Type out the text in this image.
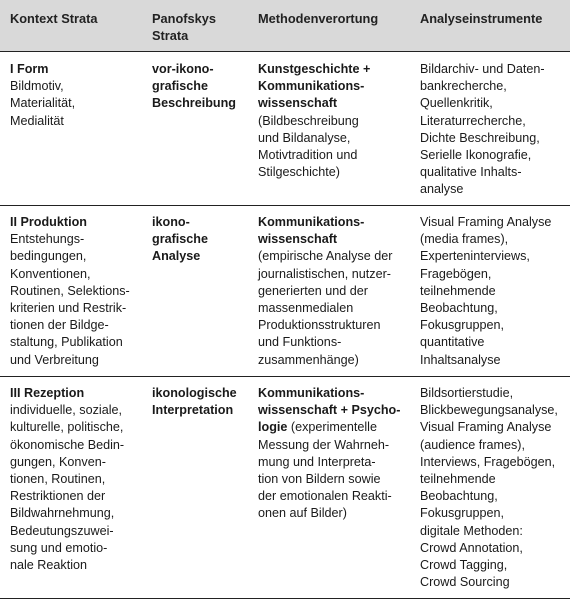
Kontext Strata	Panofskys
Strata
Methodenverortung	Analyseinstrumente
I Form
Bildmotiv,
Materialität,
Medialität
vor-ikono-
grafische
Beschreibung
Kunstgeschichte +
Kommunikations-
wissenschaft
(Bildbeschreibung
und Bildanalyse,
Motivtradition und
Stilgeschichte)
Bildarchiv- und Daten-
bankrecherche,
Quellenkritik,
Literaturrecherche,
Dichte Beschreibung,
Serielle Ikonografie,
qualitative Inhalts-
analyse
II Produktion
Entstehungs-
bedingungen,
Konventionen,
Routinen, Selektions-
kriterien und Restrik-
tionen der Bildge-
staltung, Publikation
und Verbreitung
ikono-
grafische
Analyse
Kommunikations-
wissenschaft
(empirische Analyse der
journalistischen, nutzer-
generierten und der
massenmedialen
Produktionsstrukturen
und Funktions-
zusammenhänge)
Visual Framing Analyse
(media frames),
Experteninterviews,
Fragebögen,
teilnehmende
Beobachtung,
Fokusgruppen,
quantitative
Inhaltsanalyse
III Rezeption
individuelle, soziale,
kulturelle, politische,
ökonomische Bedin-
gungen, Konven-
tionen, Routinen,
Restriktionen der
Bildwahrnehmung,
Bedeutungszuwei-
sung und emotio-
nale Reaktion
ikonologische
Interpretation
Kommunikations-
wissenschaft + Psycho-
logie (experimentelle
Messung der Wahrneh-
mung und Interpreta-
tion von Bildern sowie
der emotionalen Reakti-
onen auf Bilder)
Bildsortierstudie,
Blickbewegungsanalyse,
Visual Framing Analyse
(audience frames),
Interviews, Fragebögen,
teilnehmende
Beobachtung,
Fokusgruppen,
digitale Methoden:
Crowd Annotation,
Crowd Tagging,
Crowd Sourcing
